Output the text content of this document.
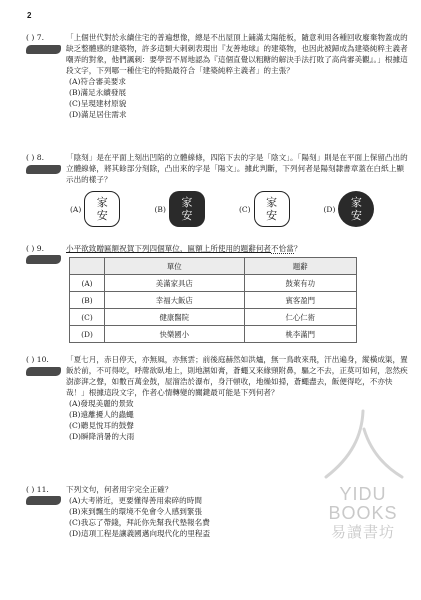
2
( ) 7.	「上個世代對於永續住宅的普遍想像，總是不出屋頂上鋪滿太陽能板，隨意利用各種回收廢棄物蓋成的缺乏整體感的建築物，許多這類大刺刺表現出『友善地球』的建築物，也因此被歸成為建築純粹主義者嘲弄的對象，他們諷刺：要學習不屑地認為『這個直覺以粗糖的解決手法打敗了高尚審美觀』。」根據這段文字，下列哪一種住宅的特點最符合「建築純粹主義者」的主張？
(A)符合審美要求
(B)滿足永續發展
(C)呈現建材原貌
(D)滿足居住需求
( ) 8.	「陰刻」是在平面上刻出凹陷的立體線條，四陷下去的字是「陰文」。「陽刻」則是在平面上保留凸出的立體線條，將其餘部分刻除，凸出來的字是「陽文」。據此判斷，下列何者是陽刻隸書章蓋在白紙上顯示出的樣子？
(A) 家
安	(B) 家
安	(C) 家
安	(D) 家
安
( ) 9.	小平欲致贈匾額祝賀下列四個單位，匾額上所使用的題辭何者不恰當？
	單位	題辭
(A)	美滿家具店	鼓萊有功
(B)	幸福大飯店	賓客盈門
(C)	健康醫院	仁心仁術
(D)	快樂國小	桃李滿門
( ) 10.	「夏七月，赤日停天，亦無風，亦無雲；前後庭赫然如洪爐，無一鳥敢來飛，汗出遍身，縱橫成渠，置飯於前，不可得吃，呼蓆欲臥地上，則地濕如膏，蒼蠅又來緣頸附鼻，驅之不去，正莫可如何，忽然疾澍澎湃之聲，如數百萬金鼓，屋溜浩於瀑布，身汗頓收，地燥如掃，蒼蠅盡去，飯便得吃，不亦快哉！」根據這段文字，作者心情轉變的關鍵最可能是下列何者？
(A)發現美麗的景致
(B)遠離擾人的蟲蠅
(C)聽見悅耳的鼓聲
(D)瞬降消暑的大雨
( ) 11.	下列文句，何者用字完全正確？
(A)大考將近，更要懂得善用索碎的時間
(B)來到飄生的環境不免會令人感到緊張
(C)我忘了帶錢，拜託你先幫我代墊報名費
(D)這項工程是讓義國邁向現代化的里程盃
YIDU
BOOKS
易讀書坊
